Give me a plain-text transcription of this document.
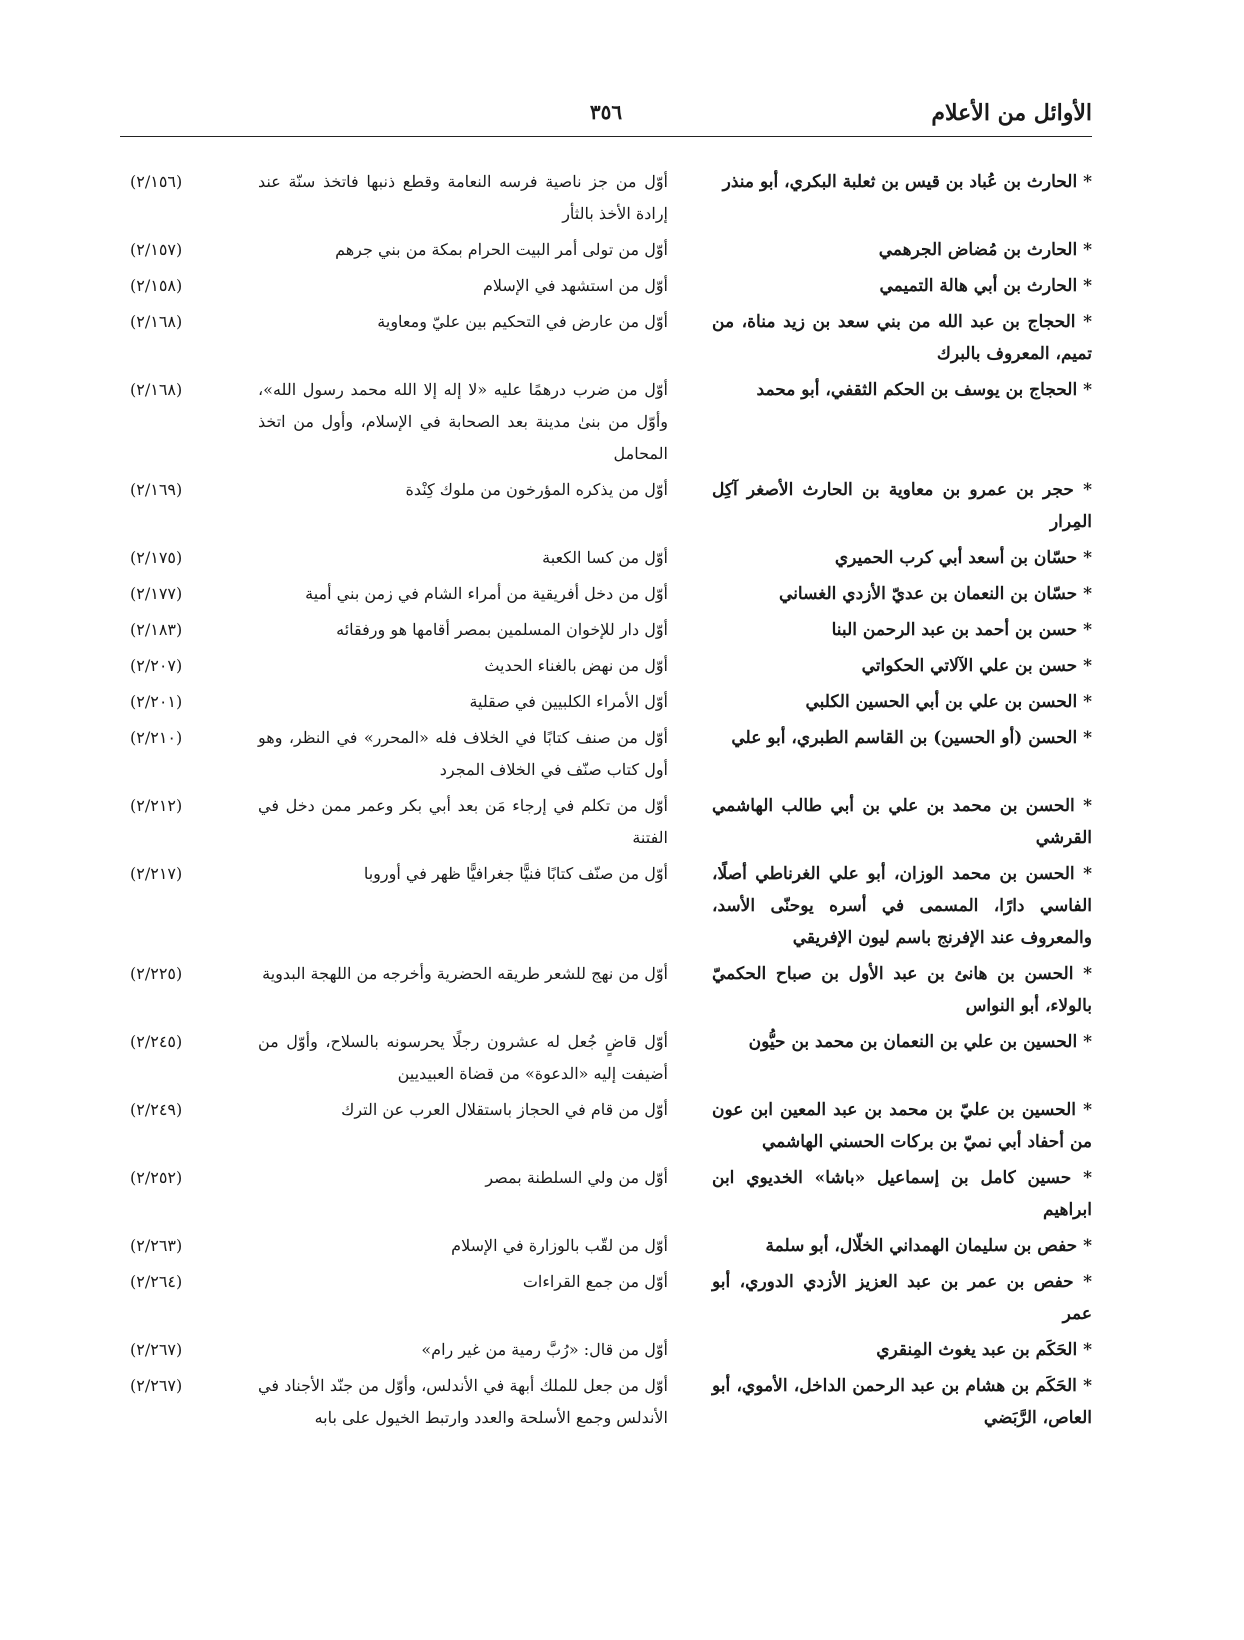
الأوائل من الأعلام
٣٥٦
* الحارث بن عُباد بن قيس بن ثعلبة البكري، أبو منذر
أوّل من جز ناصية فرسه النعامة وقطع ذنبها فاتخذ سنّة عند إرادة الأخذ بالثأر
(٢/١٥٦)
* الحارث بن مُضاض الجرهمي
أوّل من تولى أمر البيت الحرام بمكة من بني جرهم
(٢/١٥٧)
* الحارث بن أبي هالة التميمي
أوّل من استشهد في الإسلام
(٢/١٥٨)
* الحجاج بن عبد الله من بني سعد بن زيد مناة، من تميم، المعروف بالبرك
أوّل من عارض في التحكيم بين عليّ ومعاوية
(٢/١٦٨)
* الحجاج بن يوسف بن الحكم الثقفي، أبو محمد
أوّل من ضرب درهمًا عليه «لا إله إلا الله محمد رسول الله»، وأوّل من بنىٰ مدينة بعد الصحابة في الإسلام، وأول من اتخذ المحامل
(٢/١٦٨)
* حجر بن عمرو بن معاوية بن الحارث الأصغر آكِل المِرار
أوّل من يذكره المؤرخون من ملوك كِنْدة
(٢/١٦٩)
* حسّان بن أسعد أبي كرب الحميري
أوّل من كسا الكعبة
(٢/١٧٥)
* حسّان بن النعمان بن عديّ الأزدي الغساني
أوّل من دخل أفريقية من أمراء الشام في زمن بني أمية
(٢/١٧٧)
* حسن بن أحمد بن عبد الرحمن البنا
أوّل دار للإخوان المسلمين بمصر أقامها هو ورفقائه
(٢/١٨٣)
* حسن بن علي الآلاتي الحكواتي
أوّل من نهض بالغناء الحديث
(٢/٢٠٧)
* الحسن بن علي بن أبي الحسين الكلبي
أوّل الأمراء الكلبيين في صقلية
(٢/٢٠١)
* الحسن (أو الحسين) بن القاسم الطبري، أبو علي
أوّل من صنف كتابًا في الخلاف فله «المحرر» في النظر، وهو أول كتاب صنّف في الخلاف المجرد
(٢/٢١٠)
* الحسن بن محمد بن علي بن أبي طالب الهاشمي القرشي
أوّل من تكلم في إرجاء مَن بعد أبي بكر وعمر ممن دخل في الفتنة
(٢/٢١٢)
* الحسن بن محمد الوزان، أبو علي الغرناطي أصلًا، الفاسي دارًا، المسمى في أسره يوحنّى الأسد، والمعروف عند الإفرنج باسم ليون الإفريقي
أوّل من صنّف كتابًا فنيًّا جغرافيًّا ظهر في أوروبا
(٢/٢١٧)
* الحسن بن هانئ بن عبد الأول بن صباح الحكميّ بالولاء، أبو النواس
أوّل من نهج للشعر طريقه الحضرية وأخرجه من اللهجة البدوية
(٢/٢٢٥)
* الحسين بن علي بن النعمان بن محمد بن حيُّون
أوّل قاضٍ جُعل له عشرون رجلًا يحرسونه بالسلاح، وأوّل من أضيفت إليه «الدعوة» من قضاة العبيديين
(٢/٢٤٥)
* الحسين بن عليّ بن محمد بن عبد المعين ابن عون من أحفاد أبي نميّ بن بركات الحسني الهاشمي
أوّل من قام في الحجاز باستقلال العرب عن الترك
(٢/٢٤٩)
* حسين كامل بن إسماعيل «باشا» الخديوي ابن ابراهيم
أوّل من ولي السلطنة بمصر
(٢/٢٥٢)
* حفص بن سليمان الهمداني الخلّال، أبو سلمة
أوّل من لقّب بالوزارة في الإسلام
(٢/٢٦٣)
* حفص بن عمر بن عبد العزيز الأزدي الدوري، أبو عمر
أوّل من جمع القراءات
(٢/٢٦٤)
* الحَكَم بن عبد يغوث المِنقري
أوّل من قال: «رُبَّ رمية من غير رام»
(٢/٢٦٧)
* الحَكَم بن هشام بن عبد الرحمن الداخل، الأموي، أبو العاص، الرَّبَضي
أوّل من جعل للملك أبهة في الأندلس، وأوّل من جنّد الأجناد في الأندلس وجمع الأسلحة والعدد وارتبط الخيول على بابه
(٢/٢٦٧)
